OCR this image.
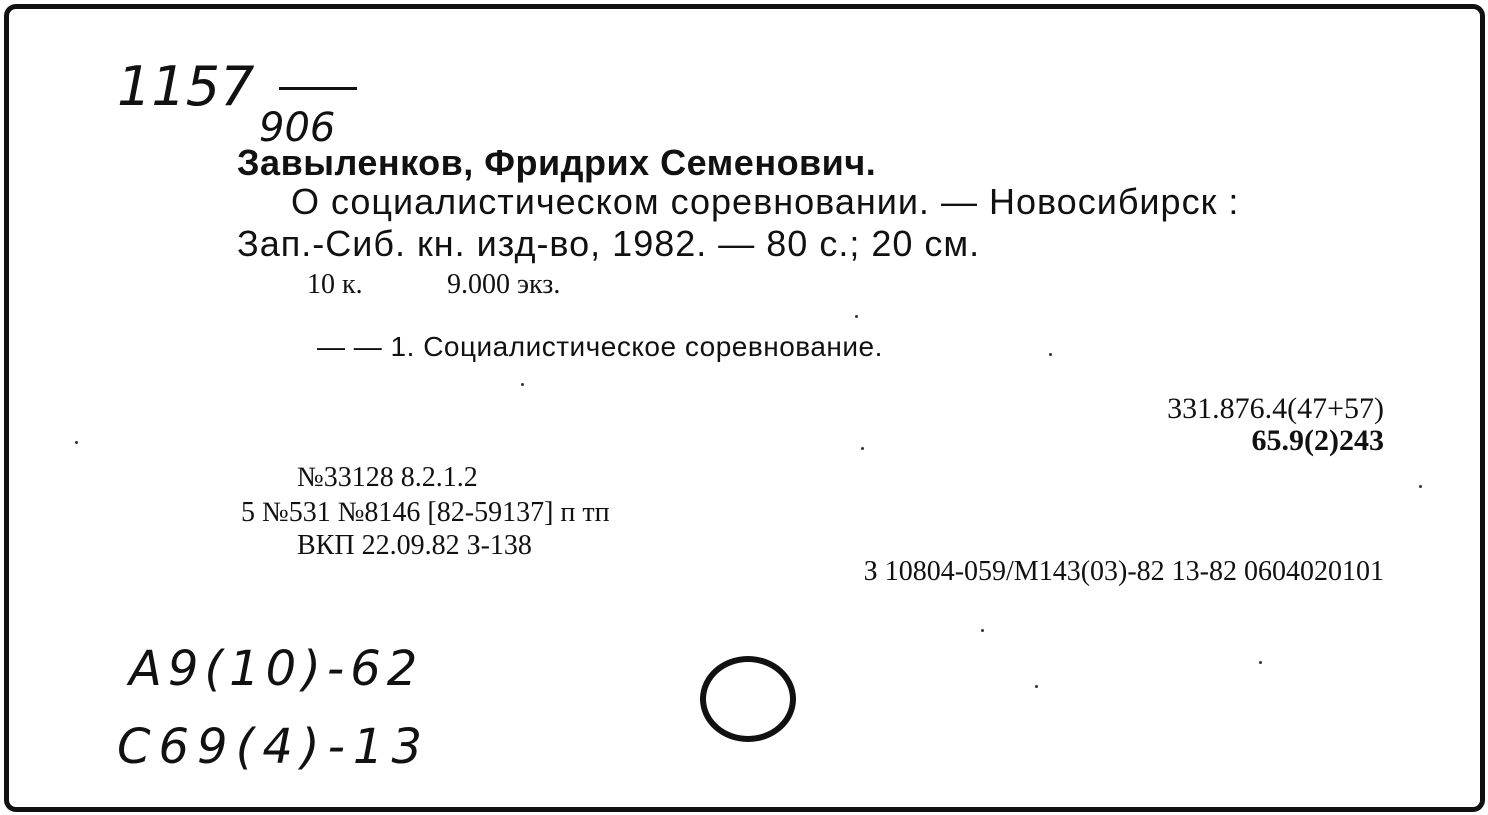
1157
906
Завыленков, Фридрих Семенович.
О социалистическом соревновании. — Новосибирск :
Зап.-Сиб. кн. изд-во, 1982. — 80 с.; 20 см.
10 к.	9.000 экз.
— — 1. Социалистическое соревнование.
331.876.4(47+57)
65.9(2)243
№33128 8.2.1.2
5 №531 №8146 [82-59137] п тп
ВКП 22.09.82 З-138
З 10804-059/М143(03)-82 13-82 0604020101
A9(10)-62
C69(4)-13
